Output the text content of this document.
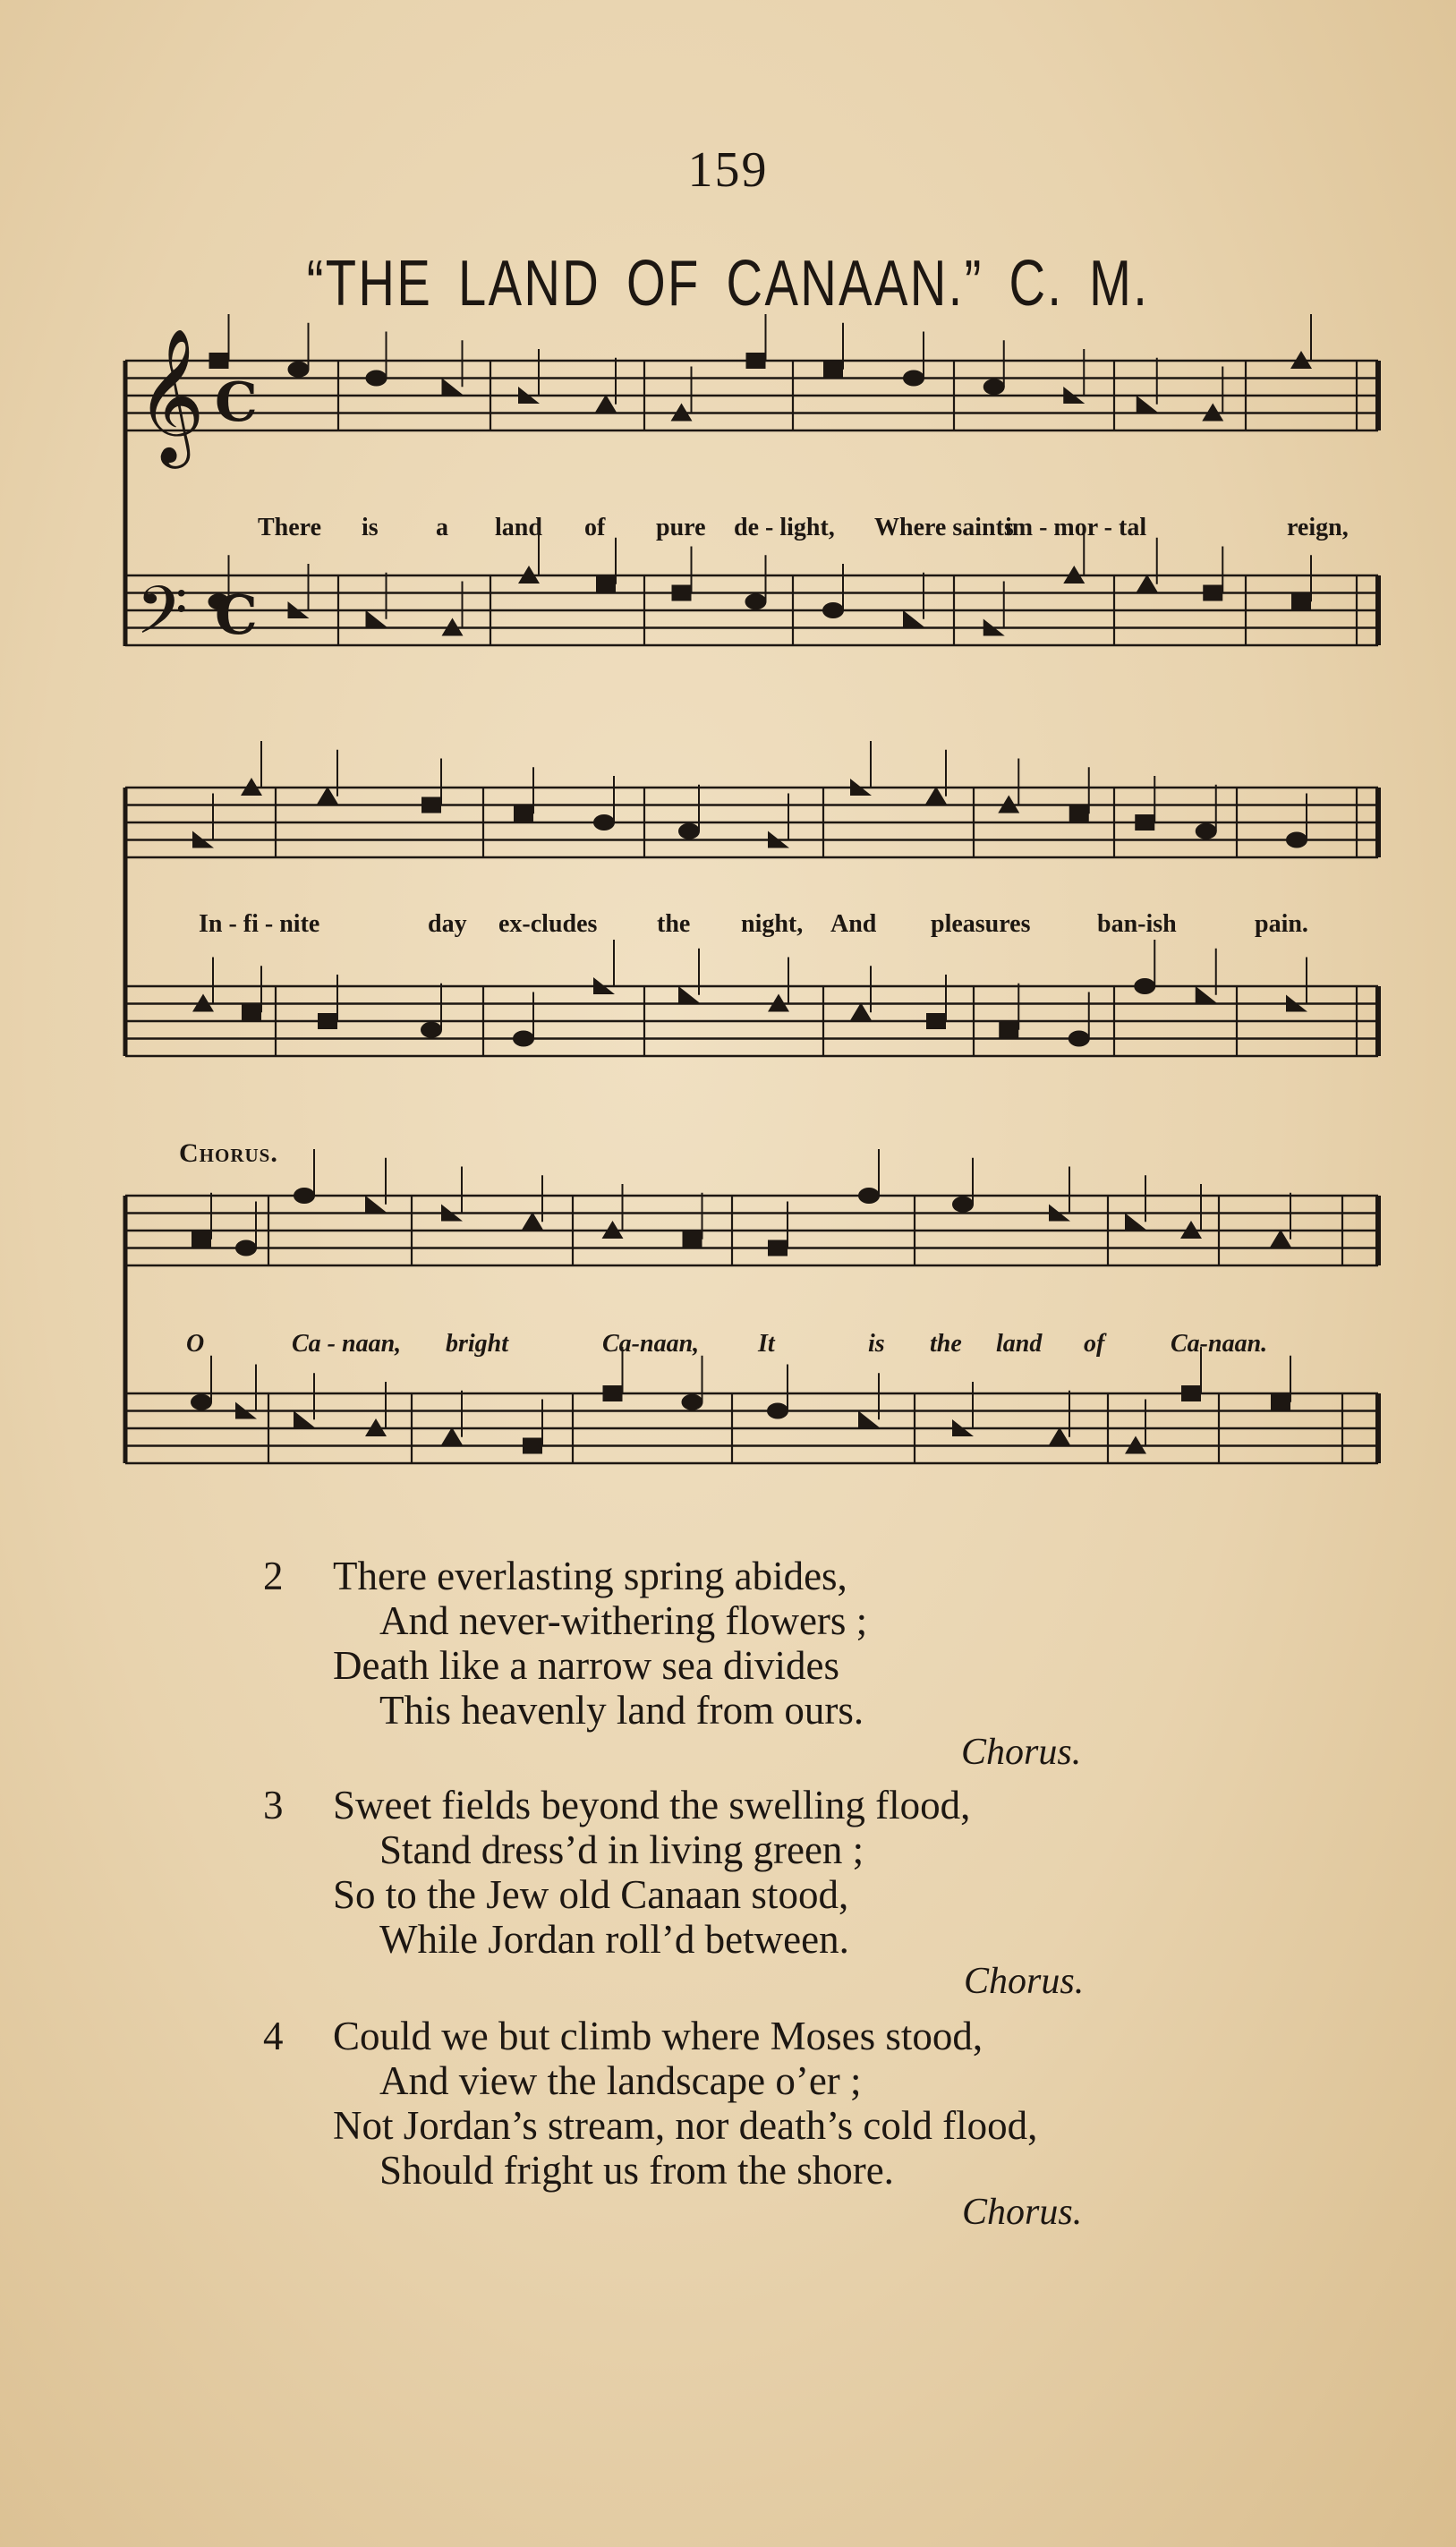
159
“THE LAND OF CANAAN.” C. M.
𝄞
𝄢
C
C
There is a land of pure de - light, Where saints
im - mor - tal	reign,
In - fi - nite	day ex-cludes the night, And pleasures	ban-ish	pain.
Chorus.
O	Ca - naan, bright	Ca-naan, It	is the land of	Ca-naan.
2 There everlasting spring abides,
And never-withering flowers ;
Death like a narrow sea divides
This heavenly land from ours.
Chorus.
3 Sweet fields beyond the swelling flood,
Stand dress’d in living green ;
So to the Jew old Canaan stood,
While Jordan roll’d between.
Chorus.
4 Could we but climb where Moses stood,
And view the landscape o’er ;
Not Jordan’s stream, nor death’s cold flood,
Should fright us from the shore.
Chorus.
